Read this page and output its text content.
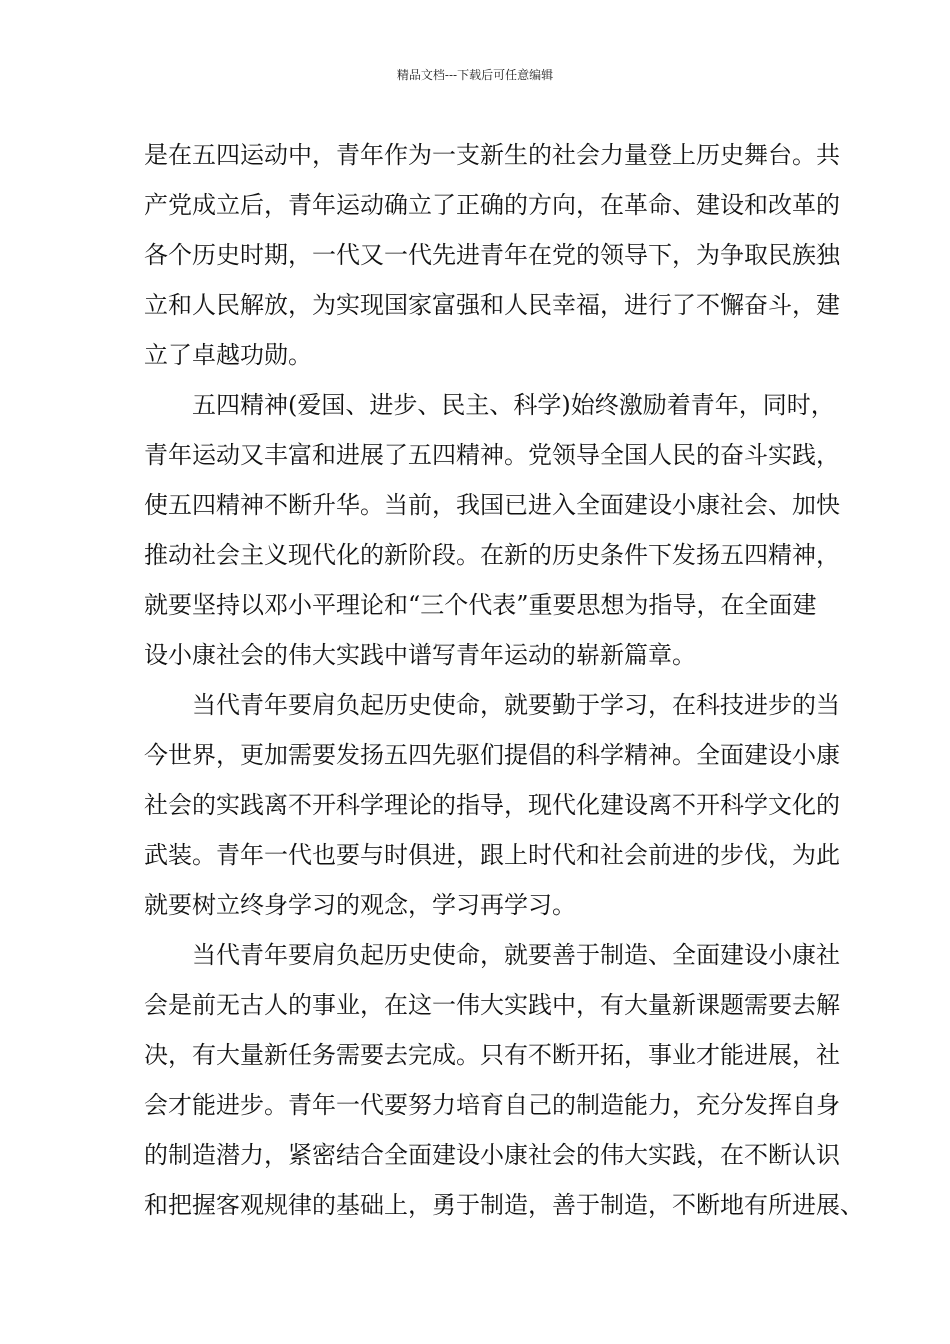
精品文档---下载后可任意编辑
是在五四运动中，青年作为一支新生的社会力量登上历史舞台。共
产党成立后，青年运动确立了正确的方向，在革命、建设和改革的
各个历史时期，一代又一代先进青年在党的领导下，为争取民族独
立和人民解放，为实现国家富强和人民幸福，进行了不懈奋斗，建
立了卓越功勋。
五四精神(爱国、进步、民主、科学)始终激励着青年，同时，
青年运动又丰富和进展了五四精神。党领导全国人民的奋斗实践，
使五四精神不断升华。当前，我国已进入全面建设小康社会、加快
推动社会主义现代化的新阶段。在新的历史条件下发扬五四精神，
就要坚持以邓小平理论和“三个代表”重要思想为指导，在全面建
设小康社会的伟大实践中谱写青年运动的崭新篇章。
当代青年要肩负起历史使命，就要勤于学习，在科技进步的当
今世界，更加需要发扬五四先驱们提倡的科学精神。全面建设小康
社会的实践离不开科学理论的指导，现代化建设离不开科学文化的
武装。青年一代也要与时俱进，跟上时代和社会前进的步伐，为此
就要树立终身学习的观念，学习再学习。
当代青年要肩负起历史使命，就要善于制造、全面建设小康社
会是前无古人的事业，在这一伟大实践中，有大量新课题需要去解
决，有大量新任务需要去完成。只有不断开拓，事业才能进展，社
会才能进步。青年一代要努力培育自己的制造能力，充分发挥自身
的制造潜力，紧密结合全面建设小康社会的伟大实践，在不断认识
和把握客观规律的基础上，勇于制造，善于制造，不断地有所进展、
